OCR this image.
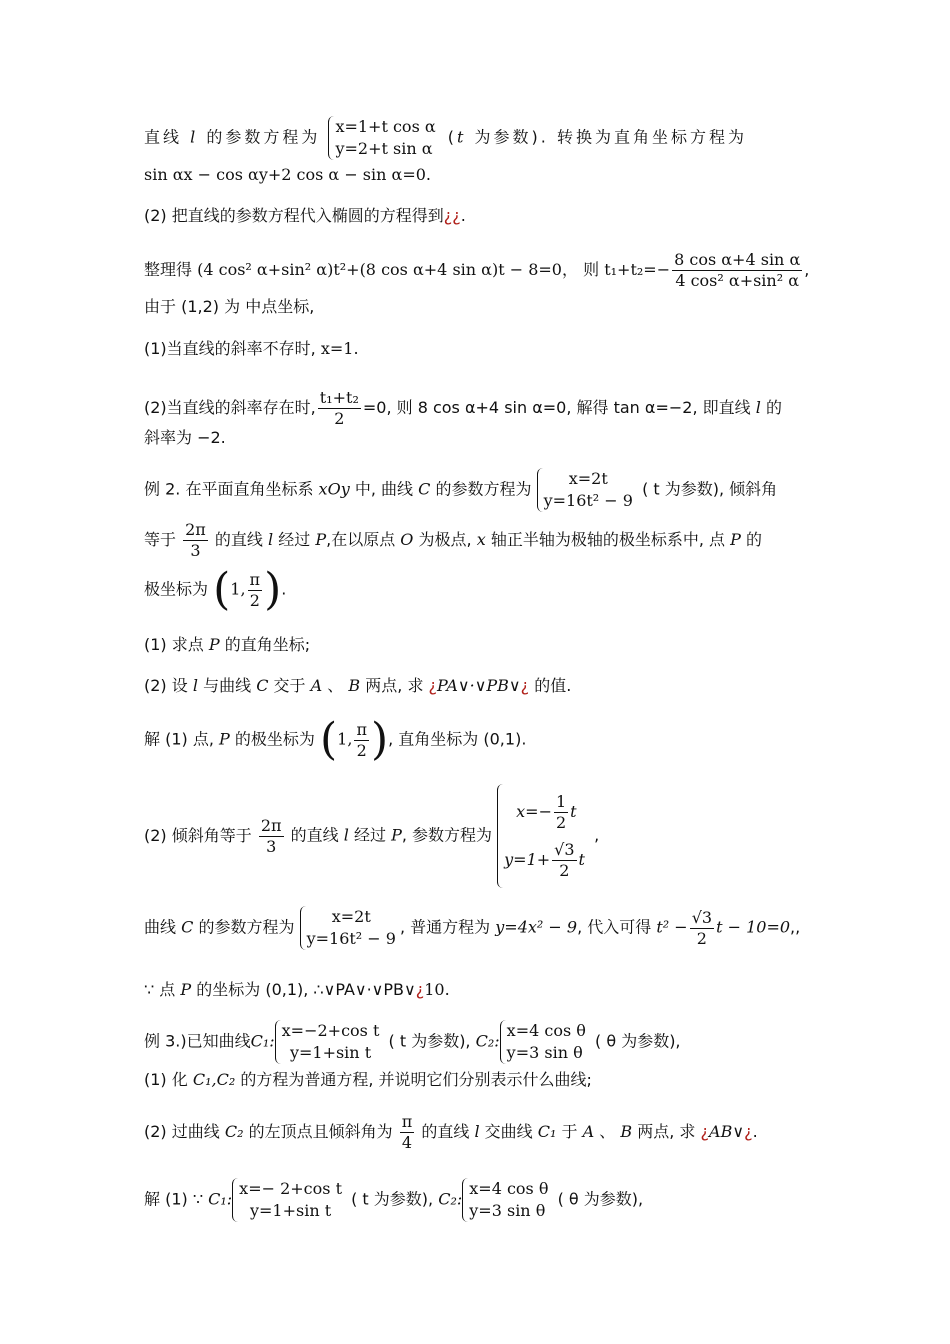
直线 l 的参数方程为
x=1+t cos α
y=2+t sin α
(t 为参数). 转换为直角坐标方程为
sin αx − cos αy+2 cos α − sin α=0.
(2) 把直线的参数方程代入椭圆的方程得到¿¿.
整理得 (4 cos² α+sin² α)t²+(8 cos α+4 sin α)t − 8=0， 则 $t_1+t_2=- \frac{\text{8 cos α+4 sin α}}{\text{4 cos² α+sin² α}}$ ,
由于 (1,2) 为 中点坐标,
(1)当直线的斜率不存时, x=1.
(2)当直线的斜率存在时, $\frac{\text{t₁+t₂}}{2} =0$, 则 8 cos α+4 sin α=0, 解得 tan α=−2, 即直线 l 的
斜率为 −2.
例 2. 在平面直角坐标系 xOy 中, 曲线 C 的参数方程为
x=2t
y=16t² − 9
( t 为参数), 倾斜角
等于 $\frac{2\pi}{3}$ 的直线 l 经过 P,在以原点 O 为极点, x 轴正半轴为极轴的极坐标系中, 点 P 的
极坐标为 (1, $\frac{\pi}{2}$ ).
(1) 求点 P 的直角坐标;
(2) 设 l 与曲线 C 交于 A 、 B 两点, 求 ¿PA∨·∨PB∨¿ 的值.
解 (1) 点, P 的极坐标为 (1, $\frac{\pi}{2}$ ), 直角坐标为 (0,1).
(2) 倾斜角等于 $\frac{2\pi}{3}$ 的直线 l 经过 P, 参数方程为
$x=- \frac{1}{2}$ t
$y=1+ \frac{√3}{2}$ t
,
曲线 C 的参数方程为
x=2t
y=16t² − 9
, 普通方程为 y=4x² − 9, 代入可得 $t^2 - \frac{√3}{2}$ t − 10=0,,
∵ 点 P 的坐标为 (0,1), ∴∨PA∨·∨PB∨¿10.
例 3.)已知曲线C₁:
x=−2+cos t
y=1+sin t
( t 为参数), C₂:
x=4 cos θ
y=3 sin θ
( θ 为参数),
(1) 化 C₁,C₂ 的方程为普通方程, 并说明它们分别表示什么曲线;
(2) 过曲线 C₂ 的左顶点且倾斜角为 $\frac{\pi}{4}$ 的直线 l 交曲线 C₁ 于 A 、 B 两点, 求 ¿AB∨¿.
解 (1) ∵ C₁:
x=− 2+cos t
y=1+sin t
( t 为参数), C₂:
x=4 cos θ
y=3 sin θ
( θ 为参数),
